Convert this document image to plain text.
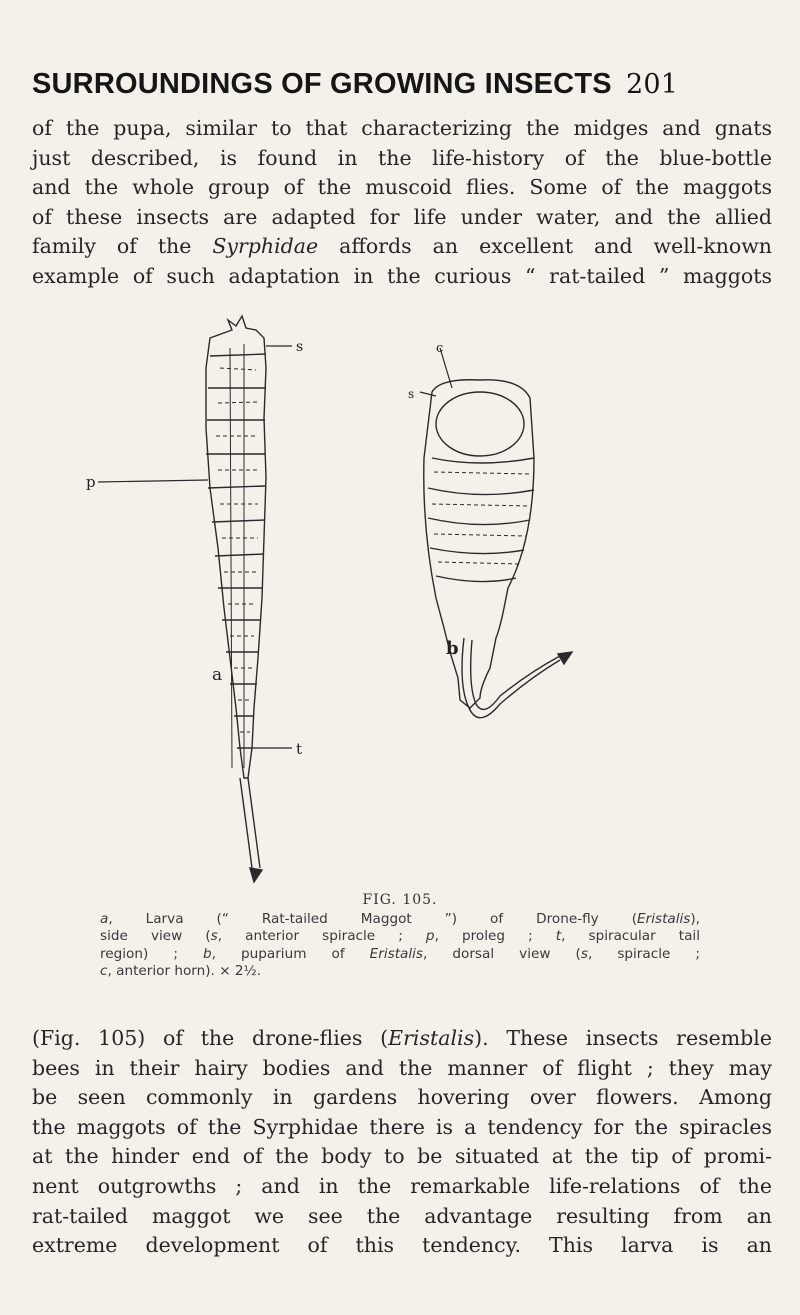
SURROUNDINGS OF GROWING INSECTS 201
of the pupa, similar to that characterizing the midges and gnats
just described, is found in the life-history of the blue-bottle
and the whole group of the muscoid flies. Some of the maggots
of these insects are adapted for life under water, and the allied
family of the Syrphidae affords an excellent and well-known
example of such adaptation in the curious “ rat-tailed ” maggots
s
p
a
t
c
s
b
FIG. 105.
a, Larva (“ Rat-tailed Maggot ”) of Drone-fly (Eristalis),
side view (s, anterior spiracle ; p, proleg ; t, spiracular tail
region) ; b, puparium of Eristalis, dorsal view (s, spiracle ;
c, anterior horn). × 2½.
(Fig. 105) of the drone-flies (Eristalis). These insects resemble
bees in their hairy bodies and the manner of flight ; they may
be seen commonly in gardens hovering over flowers. Among
the maggots of the Syrphidae there is a tendency for the spiracles
at the hinder end of the body to be situated at the tip of promi-
nent outgrowths ; and in the remarkable life-relations of the
rat-tailed maggot we see the advantage resulting from an
extreme development of this tendency. This larva is an
